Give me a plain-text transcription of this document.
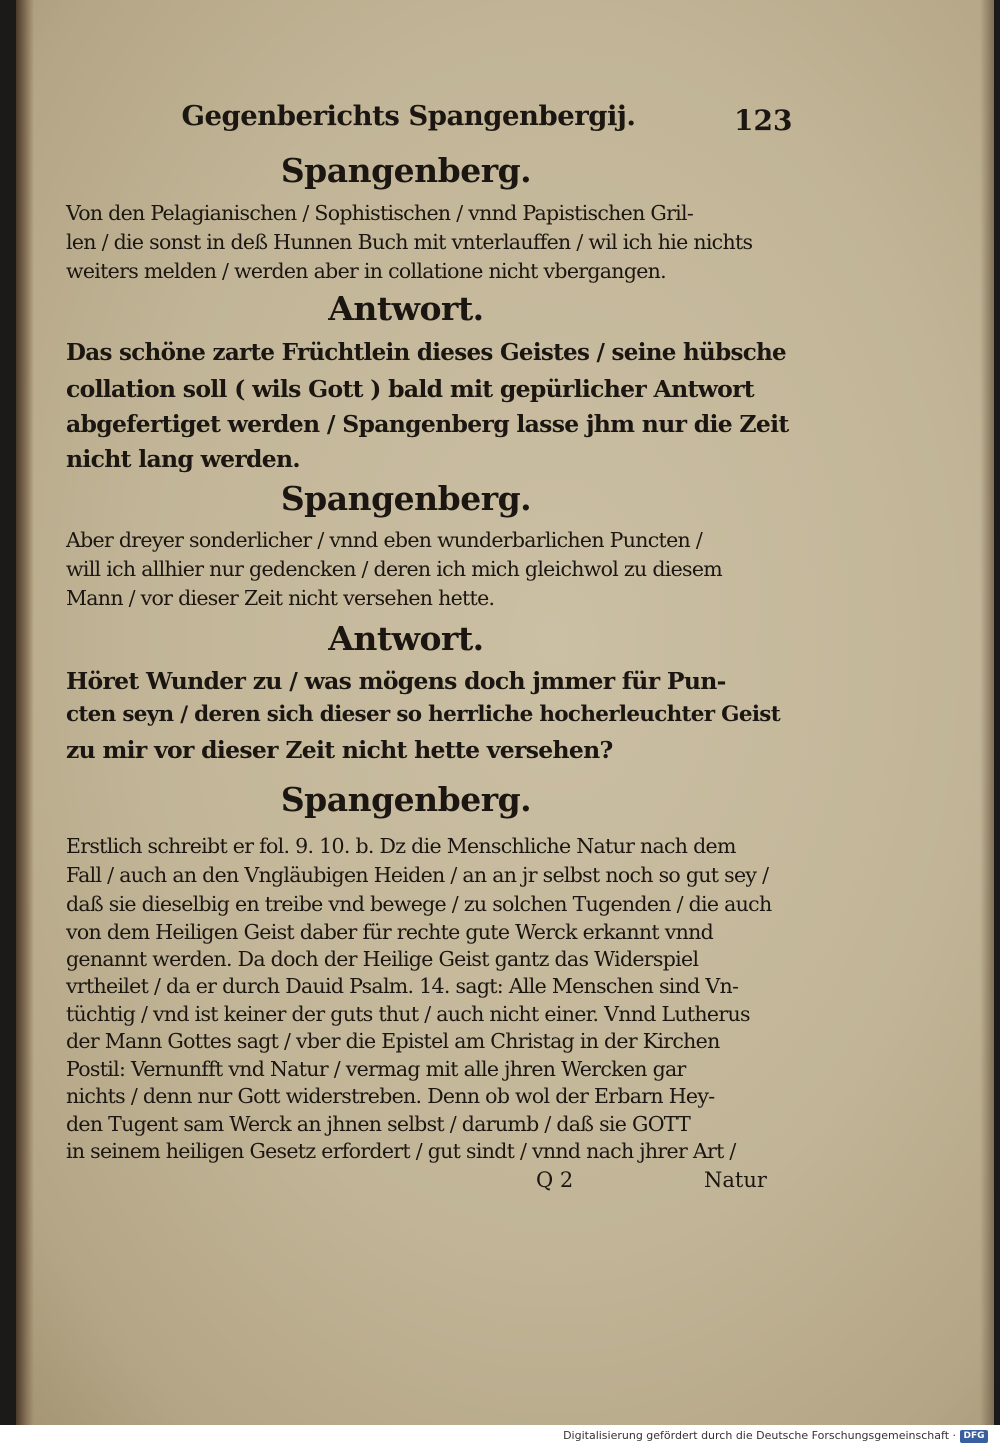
Gegenberichts Spangenbergij.	123
Spangenberg.
Von den Pelagianischen / Sophistischen / vnnd Papistischen Gril-
len / die sonst in deß Hunnen Buch mit vnterlauffen / wil ich hie nichts
weiters melden / werden aber in collatione nicht vbergangen.
Antwort.
Das schöne zarte Früchtlein dieses Geistes / seine hübsche
collation soll ( wils Gott ) bald mit gepürlicher Antwort
abgefertiget werden / Spangenberg lasse jhm nur die Zeit
nicht lang werden.
Spangenberg.
Aber dreyer sonderlicher / vnnd eben wunderbarlichen Puncten /
will ich allhier nur gedencken / deren ich mich gleichwol zu diesem
Mann / vor dieser Zeit nicht versehen hette.
Antwort.
Höret Wunder zu / was mögens doch jmmer für Pun-
cten seyn / deren sich dieser so herrliche hocherleuchter Geist
zu mir vor dieser Zeit nicht hette versehen?
Spangenberg.
Erstlich schreibt er fol. 9. 10. b. Dz die Menschliche Natur nach dem
Fall / auch an den Vngläubigen Heiden / an an jr selbst noch so gut sey /
daß sie dieselbig en treibe vnd bewege / zu solchen Tugenden / die auch
von dem Heiligen Geist daber für rechte gute Werck erkannt vnnd
genannt werden. Da doch der Heilige Geist gantz das Widerspiel
vrtheilet / da er durch Dauid Psalm. 14. sagt: Alle Menschen sind Vn-
tüchtig / vnd ist keiner der guts thut / auch nicht einer. Vnnd Lutherus
der Mann Gottes sagt / vber die Epistel am Christag in der Kirchen
Postil: Vernunfft vnd Natur / vermag mit alle jhren Wercken gar
nichts / denn nur Gott widerstreben. Denn ob wol der Erbarn Hey-
den Tugent sam Werck an jhnen selbst / darumb / daß sie GOTT
in seinem heiligen Gesetz erfordert / gut sindt / vnnd nach jhrer Art /
Q 2	Natur
Digitalisierung gefördert durch die Deutsche Forschungsgemeinschaft · DFG
